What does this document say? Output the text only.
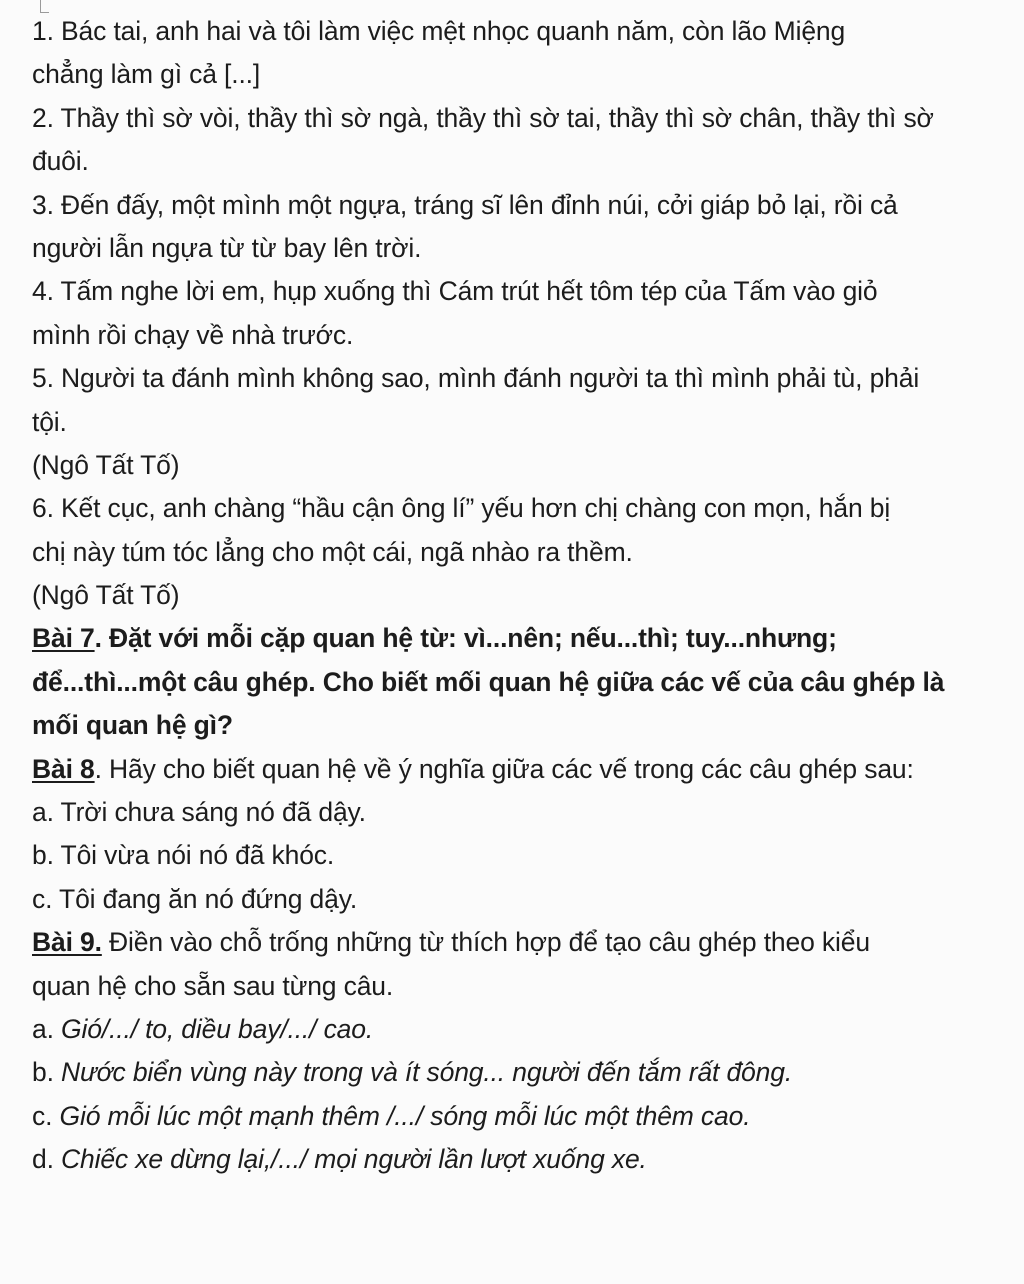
1. Bác tai, anh hai và tôi làm việc mệt nhọc quanh năm, còn lão Miệng
chẳng làm gì cả [...]
2. Thầy thì sờ vòi, thầy thì sờ ngà, thầy thì sờ tai, thầy thì sờ chân, thầy thì sờ
đuôi.
3. Đến đấy, một mình một ngựa, tráng sĩ lên đỉnh núi, cởi giáp bỏ lại, rồi cả
người lẫn ngựa từ từ bay lên trời.
4. Tấm nghe lời em, hụp xuống thì Cám trút hết tôm tép của Tấm vào giỏ
mình rồi chạy về nhà trước.
5. Người ta đánh mình không sao, mình đánh người ta thì mình phải tù, phải
tội.
(Ngô Tất Tố)
6. Kết cục, anh chàng “hầu cận ông lí” yếu hơn chị chàng con mọn, hắn bị
chị này túm tóc lẳng cho một cái, ngã nhào ra thềm.
(Ngô Tất Tố)
Bài 7. Đặt với mỗi cặp quan hệ từ: vì...nên; nếu...thì; tuy...nhưng;
để...thì...một câu ghép. Cho biết mối quan hệ giữa các vế của câu ghép là
mối quan hệ gì?
Bài 8. Hãy cho biết quan hệ về ý nghĩa giữa các vế trong các câu ghép sau:
a. Trời chưa sáng nó đã dậy.
b. Tôi vừa nói nó đã khóc.
c. Tôi đang ăn nó đứng dậy.
Bài 9. Điền vào chỗ trống những từ thích hợp để tạo câu ghép theo kiểu
quan hệ cho sẵn sau từng câu.
a. Gió/.../ to, diều bay/.../ cao.
b. Nước biển vùng này trong và ít sóng... người đến tắm rất đông.
c. Gió mỗi lúc một mạnh thêm /.../ sóng mỗi lúc một thêm cao.
d. Chiếc xe dừng lại,/.../ mọi người lần lượt xuống xe.
